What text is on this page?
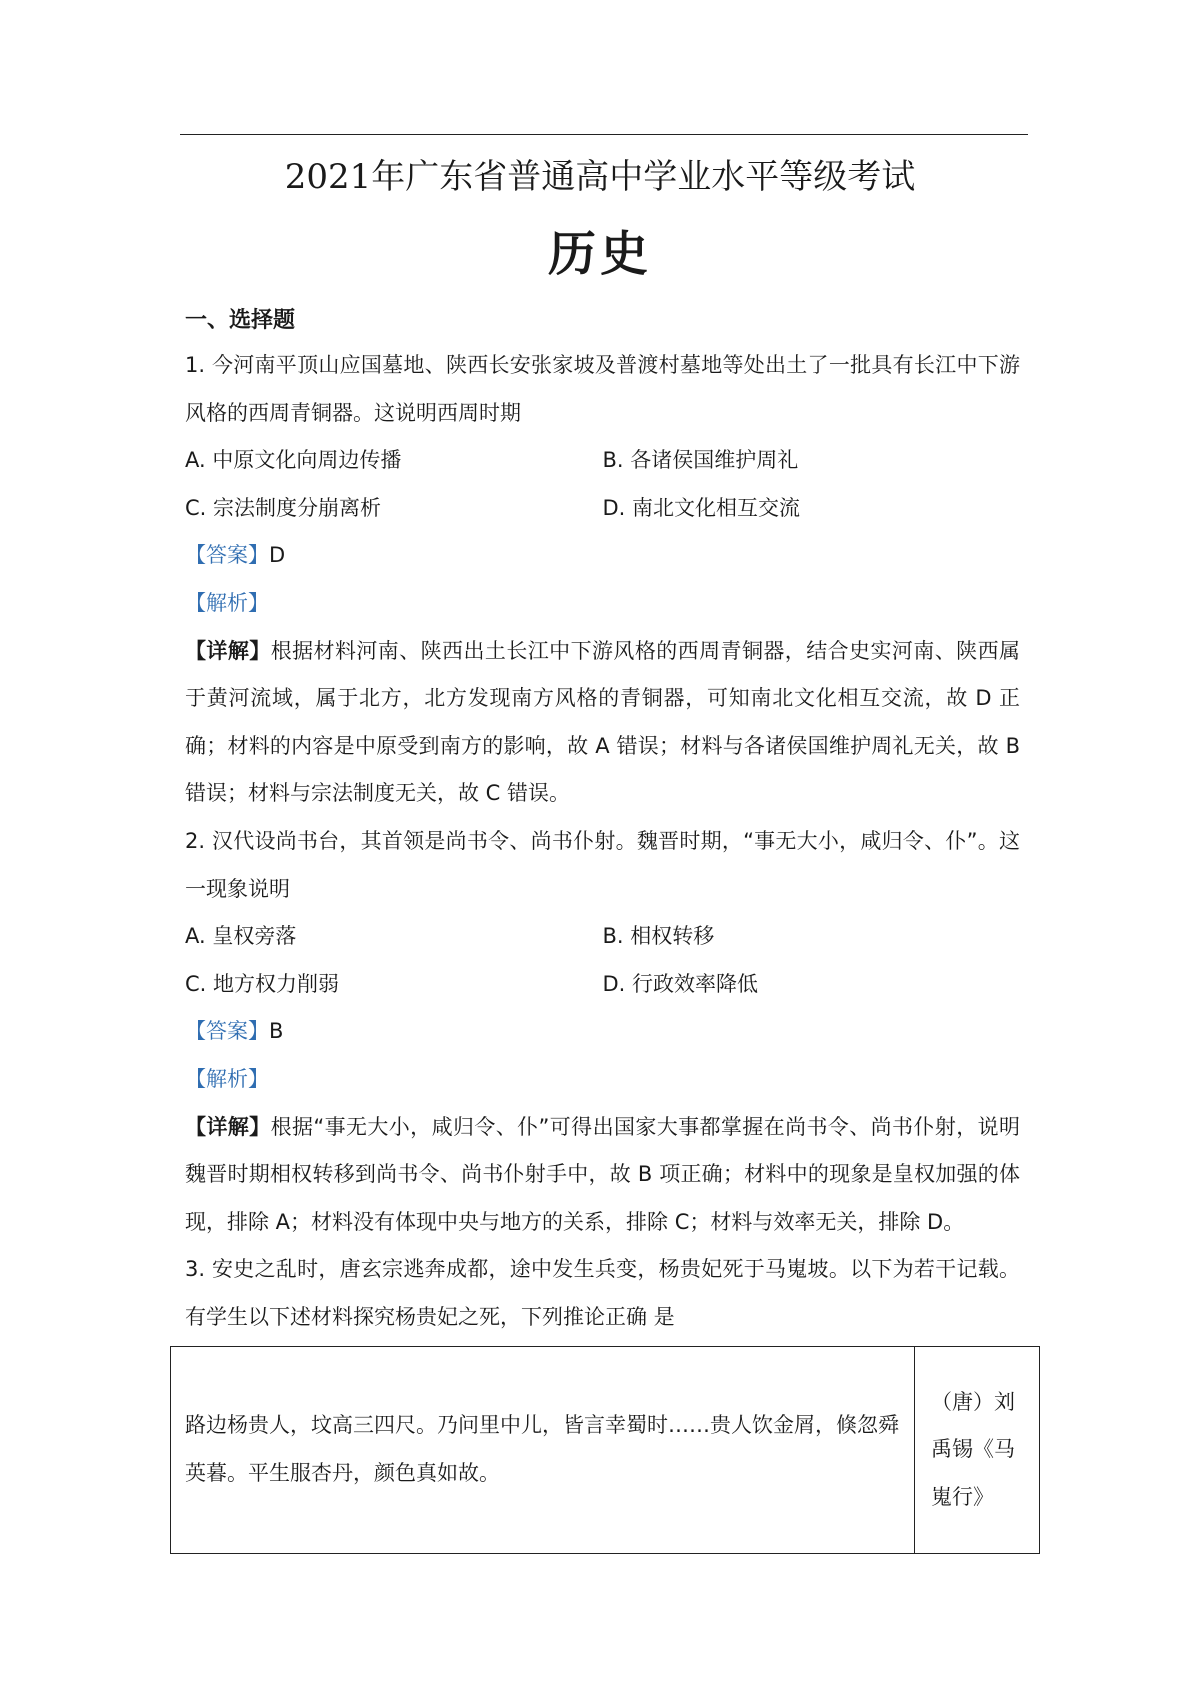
2021年广东省普通高中学业水平等级考试
历史
一、选择题

1. 今河南平顶山应国墓地、陕西长安张家坡及普渡村墓地等处出土了一批具有长江中下游风格的西周青铜器。这说明西周时期

A. 中原文化向周边传播	B. 各诸侯国维护周礼
C. 宗法制度分崩离析	D. 南北文化相互交流

【答案】D

【解析】

【详解】根据材料河南、陕西出土长江中下游风格的西周青铜器，结合史实河南、陕西属于黄河流域，属于北方，北方发现南方风格的青铜器，可知南北文化相互交流，故 D 正确；材料的内容是中原受到南方的影响，故 A 错误；材料与各诸侯国维护周礼无关，故 B 错误；材料与宗法制度无关，故 C 错误。

2. 汉代设尚书台，其首领是尚书令、尚书仆射。魏晋时期，“事无大小，咸归令、仆”。这一现象说明

A. 皇权旁落	B. 相权转移
C. 地方权力削弱	D. 行政效率降低

【答案】B

【解析】

【详解】根据“事无大小，咸归令、仆”可得出国家大事都掌握在尚书令、尚书仆射，说明魏晋时期相权转移到尚书令、尚书仆射手中，故 B 项正确；材料中的现象是皇权加强的体现，排除 A；材料没有体现中央与地方的关系，排除 C；材料与效率无关，排除 D。

3. 安史之乱时，唐玄宗逃奔成都，途中发生兵变，杨贵妃死于马嵬坡。以下为若干记载。有学生以下述材料探究杨贵妃之死，下列推论正确 是

路边杨贵人，坟高三四尺。乃问里中儿，皆言幸蜀时……贵人饮金屑，倏忽舜英暮。平生服杏丹，颜色真如故。	（唐）刘禹锡《马嵬行》
